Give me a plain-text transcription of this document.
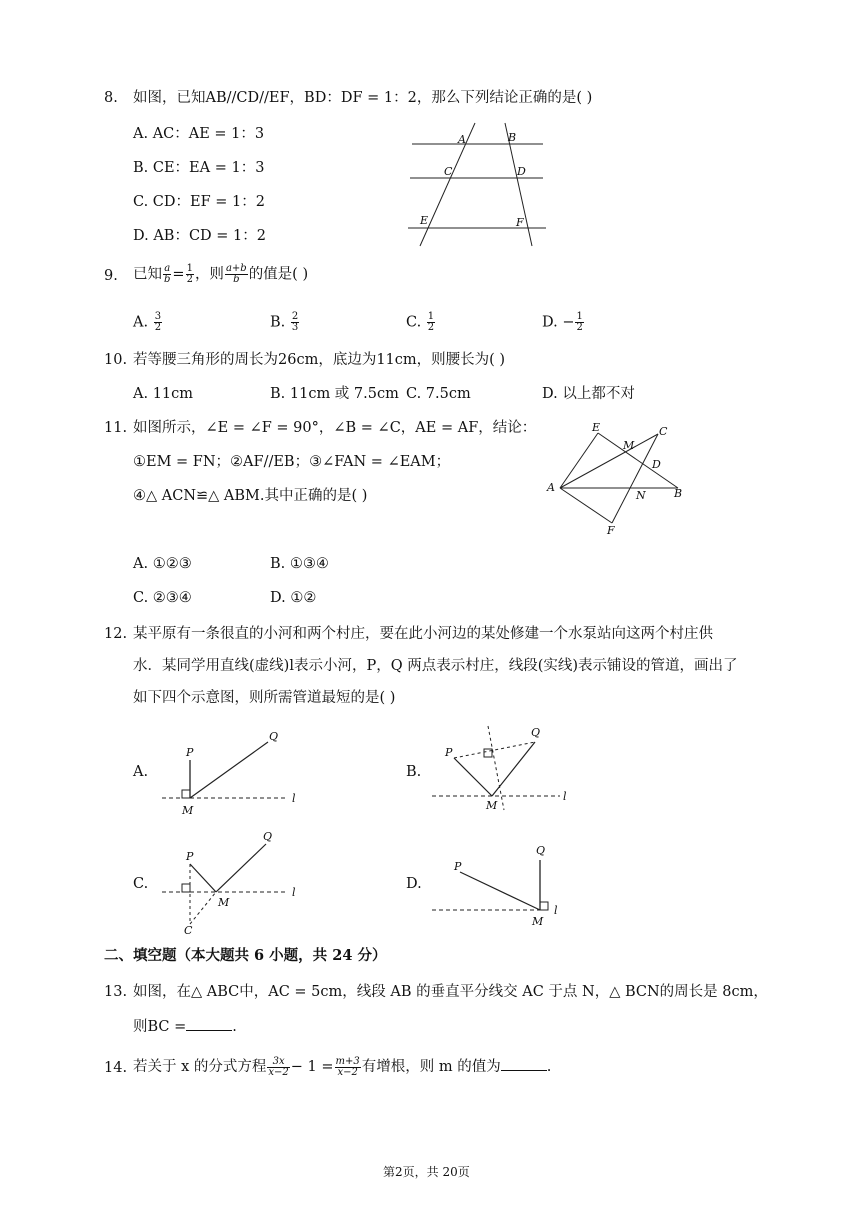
8. 如图，已知AB//CD//EF，BD：DF = 1：2，那么下列结论正确的是( )
A. AC：AE = 1：3
B. CE：EA = 1：3
C. CD：EF = 1：2
D. AB：CD = 1：2
A	B
C	D
E	F
9. 已知 $\frac{a}{b} = \frac{1}{2}$ ，则 $\frac{a+b}{b}$ 的值是( )
A. $\frac{3}{2}$	B. $\frac{2}{3}$	C. $\frac{1}{2}$	D. − $\frac{1}{2}$
10. 若等腰三角形的周长为26cm，底边为11cm，则腰长为( )
A. 11cm	B. 11cm 或 7.5cm C. 7.5cm	D. 以上都不对
11. 如图所示，∠E = ∠F = 90°，∠B = ∠C，AE = AF，结论：
①EM = FN；②AF//EB；③∠FAN = ∠EAM；
④△ ACN≌△ ABM.其中正确的是( )
A. ①②③	B. ①③④
C. ②③④	D. ①②
E
M
C
D
A
N	B
F
12. 某平原有一条很直的小河和两个村庄，要在此小河边的某处修建一个水泵站向这两个村庄供
水．某同学用直线(虚线)l表示小河，P，Q 两点表示村庄，线段(实线)表示铺设的管道，画出了
如下四个示意图，则所需管道最短的是( )
A.
P
Q
M
l
B.
P
Q
M
l
C.
P
Q
M
C
l
D.
P
Q
M
l
二、填空题（本大题共 6 小题，共 24 分）
13. 如图，在△ ABC中，AC = 5cm，线段 AB 的垂直平分线交 AC 于点 N，△ BCN的周长是 8cm，
则BC =	.
14. 若关于 x 的分式方程 $\frac{3x}{x-2} - 1 = \frac{m+3}{x-2}$ 有增根，则 m 的值为	.
第2页，共 20页
